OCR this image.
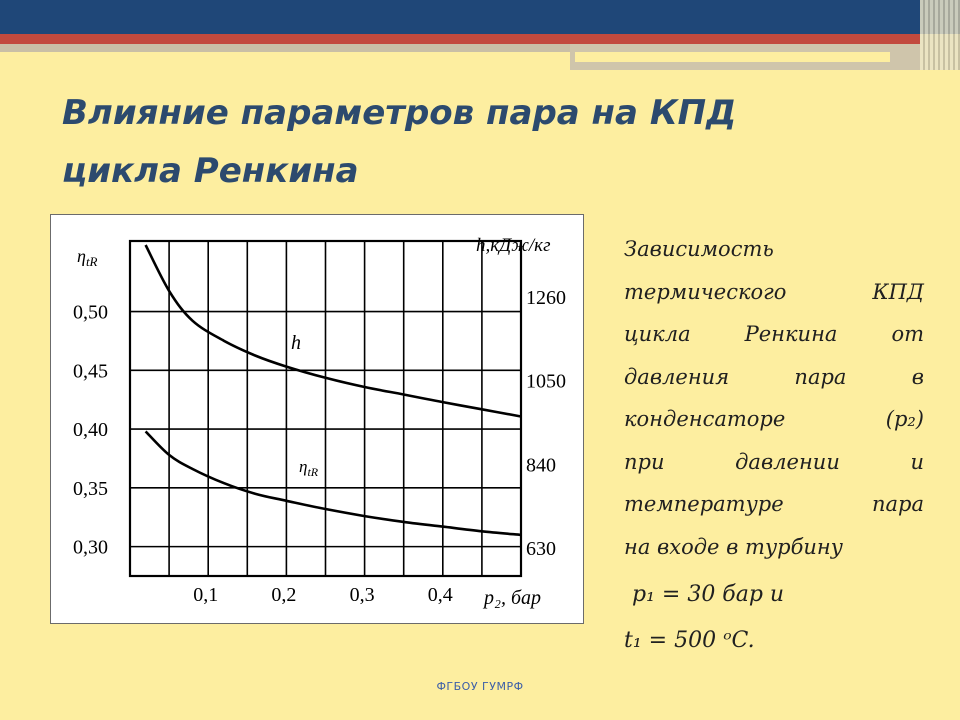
Влияние параметров пара на КПД
цикла Ренкина
0,30
0,35
0,40
0,45
0,50
630
840
1050
1260
0,1	0,2	0,3	0,4
$\eta_{tR}$
h,кДж/кг
p₂, бар
h
$\eta_{tR}$
Зависимость
термического КПД
цикла Ренкина от
давления пара в
конденсаторе (p₂)
при давлении и
температуре пара
на входе в турбину
p₁ = 30 бар и
t₁ = 500 ᵒC.
ФГБОУ ГУМРФ
